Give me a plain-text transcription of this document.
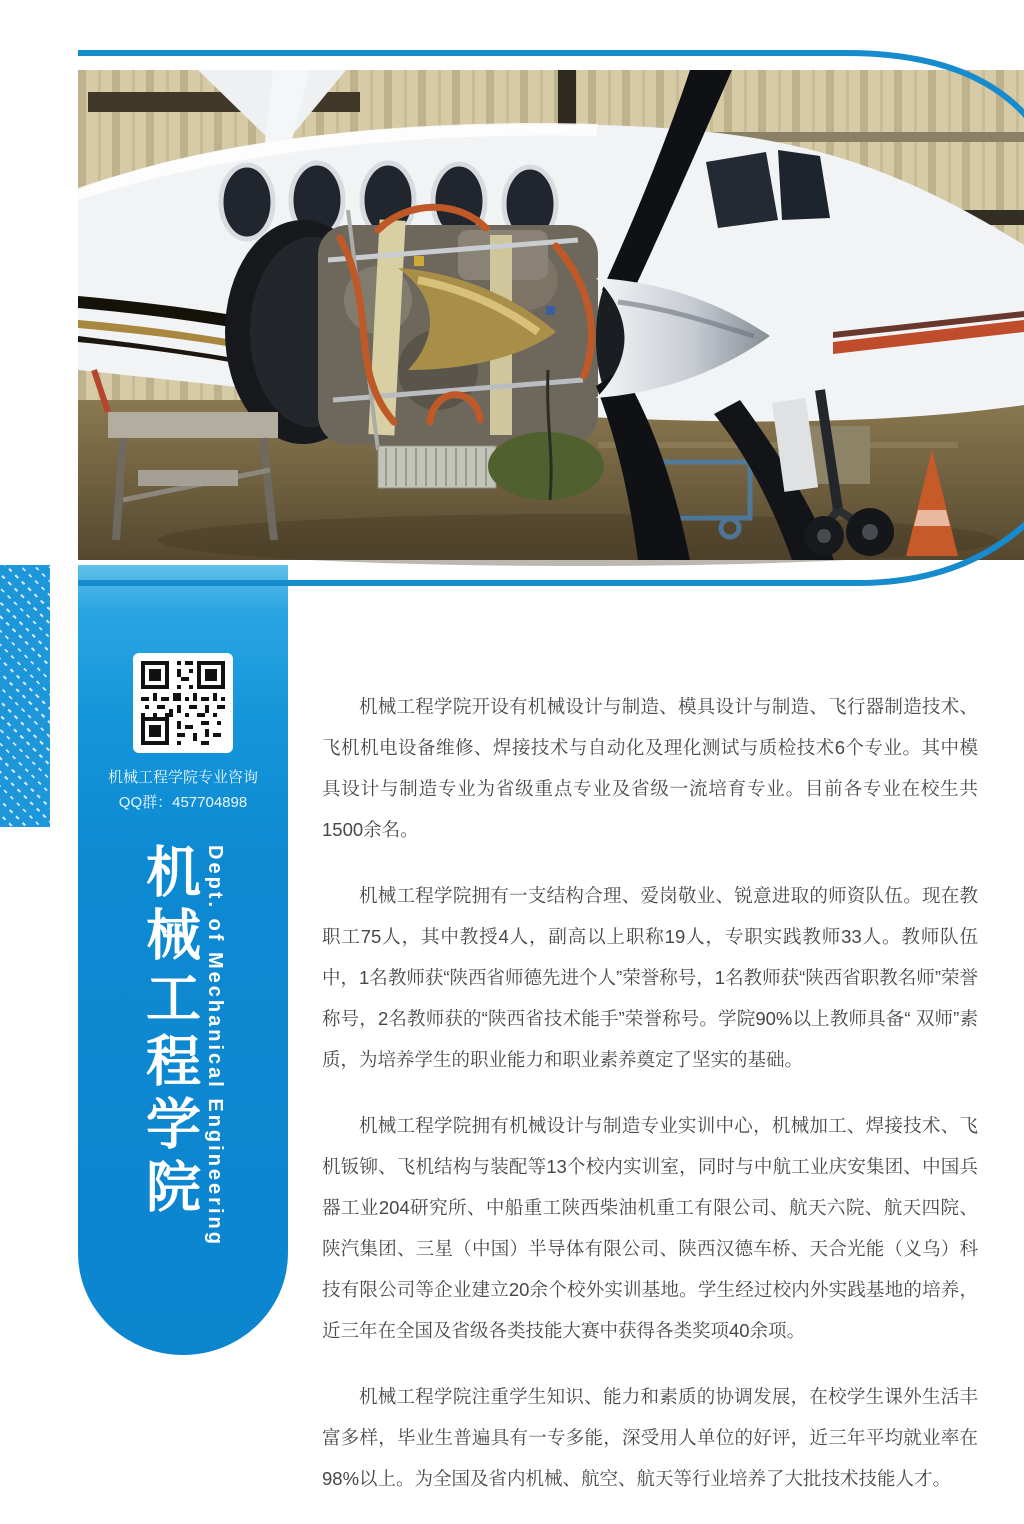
机械工程学院专业咨询
QQ群：457704898
机械工程学院 Dept. of Mechanical Engineering

机械工程学院开设有机械设计与制造、模具设计与制造、飞行器制造技术、飞机机电设备维修、焊接技术与自动化及理化测试与质检技术6个专业。其中模具设计与制造专业为省级重点专业及省级一流培育专业。目前各专业在校生共1500余名。

机械工程学院拥有一支结构合理、爱岗敬业、锐意进取的师资队伍。现在教职工75人，其中教授4人，副高以上职称19人，专职实践教师33人。教师队伍中，1名教师获“陕西省师德先进个人”荣誉称号，1名教师获“陕西省职教名师”荣誉称号，2名教师获的“陕西省技术能手”荣誉称号。学院90%以上教师具备“ 双师”素质，为培养学生的职业能力和职业素养奠定了坚实的基础。

机械工程学院拥有机械设计与制造专业实训中心，机械加工、焊接技术、飞机钣铆、飞机结构与装配等13个校内实训室，同时与中航工业庆安集团、中国兵器工业204研究所、中船重工陕西柴油机重工有限公司、航天六院、航天四院、陕汽集团、三星（中国）半导体有限公司、陕西汉德车桥、天合光能（义乌）科技有限公司等企业建立20余个校外实训基地。学生经过校内外实践基地的培养，近三年在全国及省级各类技能大赛中获得各类奖项40余项。

机械工程学院注重学生知识、能力和素质的协调发展，在校学生课外生活丰富多样，毕业生普遍具有一专多能，深受用人单位的好评，近三年平均就业率在98%以上。为全国及省内机械、航空、航天等行业培养了大批技术技能人才。
